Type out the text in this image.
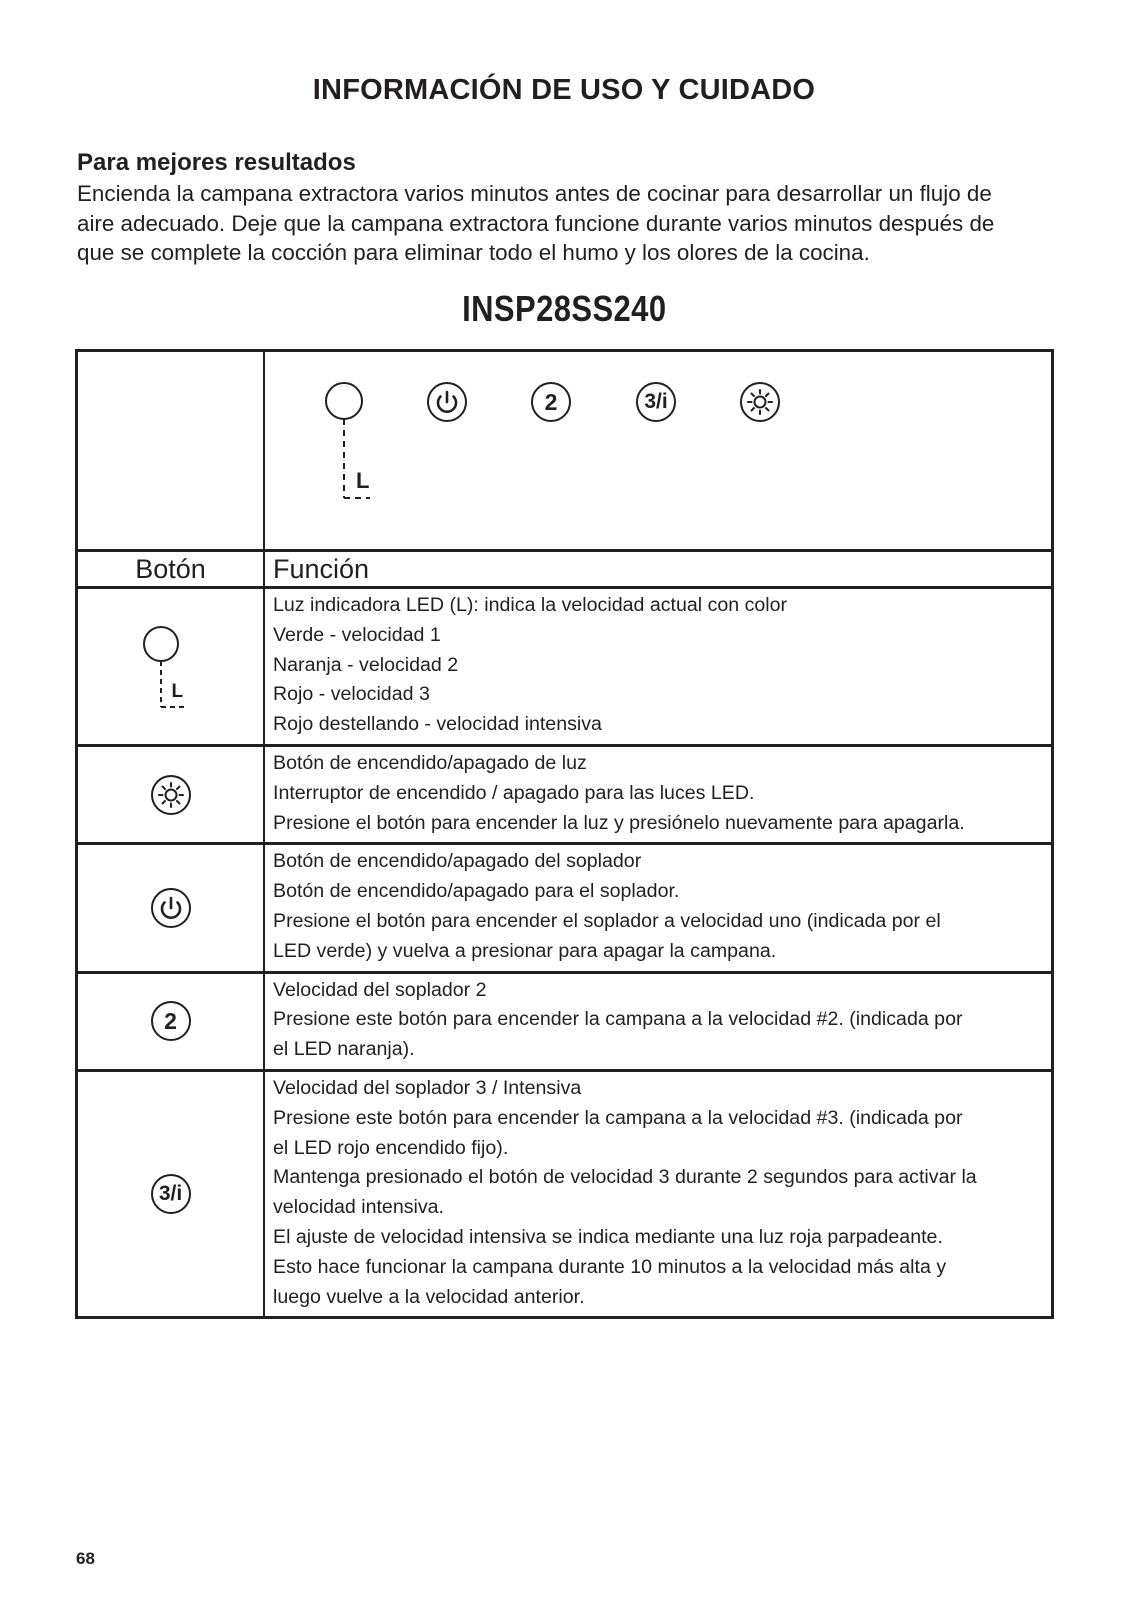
INFORMACIÓN DE USO Y CUIDADO
Para mejores resultados
Encienda la campana extractora varios minutos antes de cocinar para desarrollar un flujo de
aire adecuado. Deje que la campana extractora funcione durante varios minutos después de
que se complete la cocción para eliminar todo el humo y los olores de la cocina.
INSP28SS240
L
2	3/i
Botón	Función
L
Luz indicadora LED (L): indica la velocidad actual con color
Verde - velocidad 1
Naranja - velocidad 2
Rojo - velocidad 3
Rojo destellando - velocidad intensiva
Botón de encendido/apagado de luz
Interruptor de encendido / apagado para las luces LED.
Presione el botón para encender la luz y presiónelo nuevamente para apagarla.
Botón de encendido/apagado del soplador
Botón de encendido/apagado para el soplador.
Presione el botón para encender el soplador a velocidad uno (indicada por el
LED verde) y vuelva a presionar para apagar la campana.
2
Velocidad del soplador 2
Presione este botón para encender la campana a la velocidad #2. (indicada por
el LED naranja).
3/i
Velocidad del soplador 3 / Intensiva
Presione este botón para encender la campana a la velocidad #3. (indicada por
el LED rojo encendido fijo).
Mantenga presionado el botón de velocidad 3 durante 2 segundos para activar la
velocidad intensiva.
El ajuste de velocidad intensiva se indica mediante una luz roja parpadeante.
Esto hace funcionar la campana durante 10 minutos a la velocidad más alta y
luego vuelve a la velocidad anterior.
68
